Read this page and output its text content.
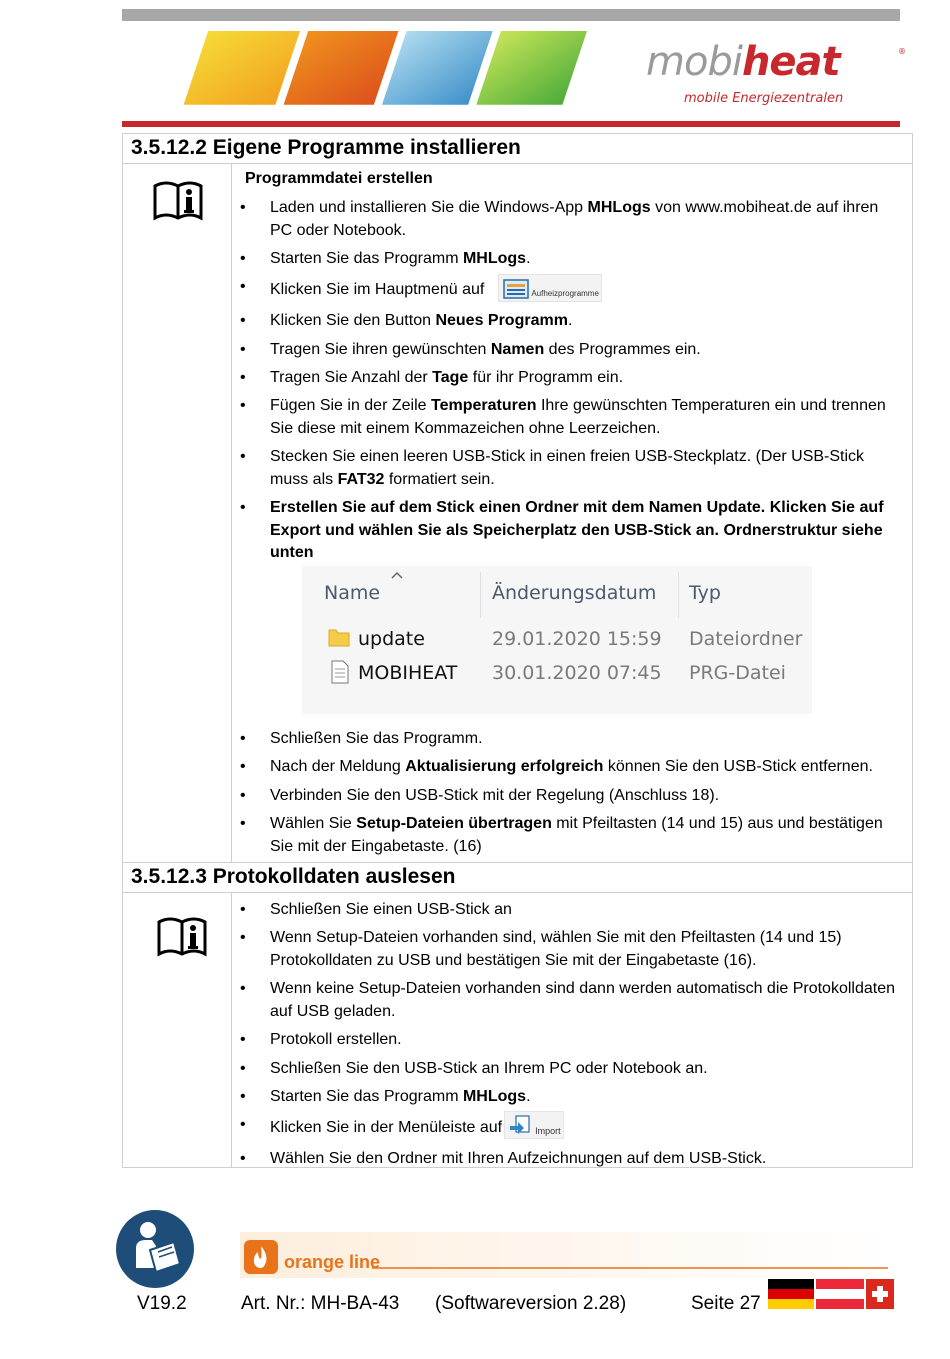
mobiheat	®
mobile Energiezentralen
3.5.12.2 Eigene Programme installieren
Programmdatei erstellen
• Laden und installieren Sie die Windows-App MHLogs von www.mobiheat.de auf ihren PC oder Notebook.
• Starten Sie das Programm MHLogs.
• Klicken Sie im Hauptmenü auf	Aufheizprogramme
• Klicken Sie den Button Neues Programm.
• Tragen Sie ihren gewünschten Namen des Programmes ein.
• Tragen Sie Anzahl der Tage für ihr Programm ein.
• Fügen Sie in der Zeile Temperaturen Ihre gewünschten Temperaturen ein und trennen Sie diese mit einem Kommazeichen ohne Leerzeichen.
• Stecken Sie einen leeren USB-Stick in einen freien USB-Steckplatz. (Der USB-Stick muss als FAT32 formatiert sein.
• Erstellen Sie auf dem Stick einen Ordner mit dem Namen Update. Klicken Sie auf Export und wählen Sie als Speicherplatz den USB-Stick an. Ordnerstruktur siehe unten
Name	Änderungsdatum Typ
update	29.01.2020 15:59 Dateiordner
MOBIHEAT 30.01.2020 07:45 PRG-Datei
• Schließen Sie das Programm.
• Nach der Meldung Aktualisierung erfolgreich können Sie den USB-Stick entfernen.
• Verbinden Sie den USB-Stick mit der Regelung (Anschluss 18).
• Wählen Sie Setup-Dateien übertragen mit Pfeiltasten (14 und 15) aus und bestätigen Sie mit der Eingabetaste. (16)
3.5.12.3 Protokolldaten auslesen
• Schließen Sie einen USB-Stick an
• Wenn Setup-Dateien vorhanden sind, wählen Sie mit den Pfeiltasten (14 und 15) Protokolldaten zu USB und bestätigen Sie mit der Eingabetaste (16).
• Wenn keine Setup-Dateien vorhanden sind dann werden automatisch die Protokolldaten auf USB geladen.
• Protokoll erstellen.
• Schließen Sie den USB-Stick an Ihrem PC oder Notebook an.
• Starten Sie das Programm MHLogs.
• Klicken Sie in der Menüleiste auf	Import
• Wählen Sie den Ordner mit Ihren Aufzeichnungen auf dem USB-Stick.
orange line
V19.2	Art. Nr.: MH-BA-43 (Softwareversion 2.28)	Seite 27
